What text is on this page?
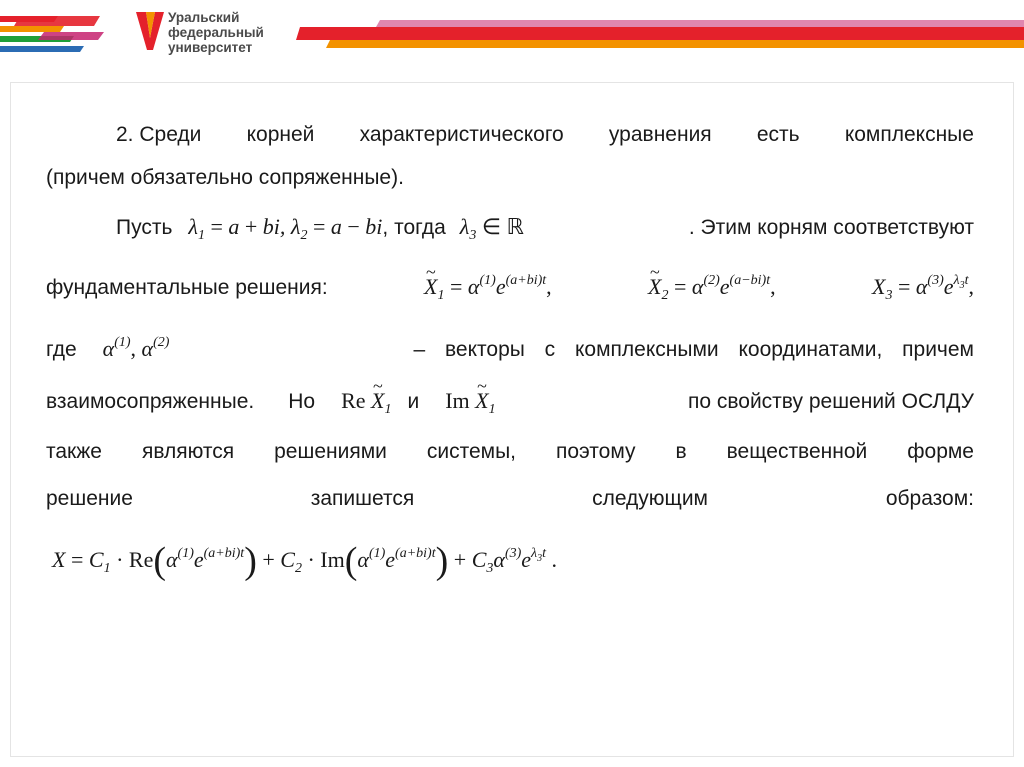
Уральский
федеральный
университет
2. Среди корней характеристического уравнения есть комплексные
(причем обязательно сопряженные).
Пусть $\lambda_1 = a$ + bi, $\lambda_2 = a$ − bi , тогда $\lambda_3$ ∈ ℝ	. Этим корням соответствуют
фундаментальные решения:	~ $X_1 = \alpha^{(1)}e^{(a+bi)t}$,	~ $X_2 = \alpha^{(2)}e^{(a-bi)t}$,	$X_3 = \alpha^{(3)}e^{\lambda_3t}$,
где $\alpha^{(1)}$, $\alpha^{(2)}$	– векторы с комплексными координатами, причем
взаимосопряженные. Но Re ~ $X_1$ и Im ~ $X_1$	по свойству решений ОСЛДУ
также являются решениями системы, поэтому в вещественной форме
решение	запишется	следующим	образом:
$X = C_1 \cdot Re(\alpha^{(1)}e^{(a+bi)t}) + C_2 \cdot Im(\alpha^{(1)}e^{(a+bi)t}) + C_3\alpha^{(3)}e^{\lambda_3t}$ .
